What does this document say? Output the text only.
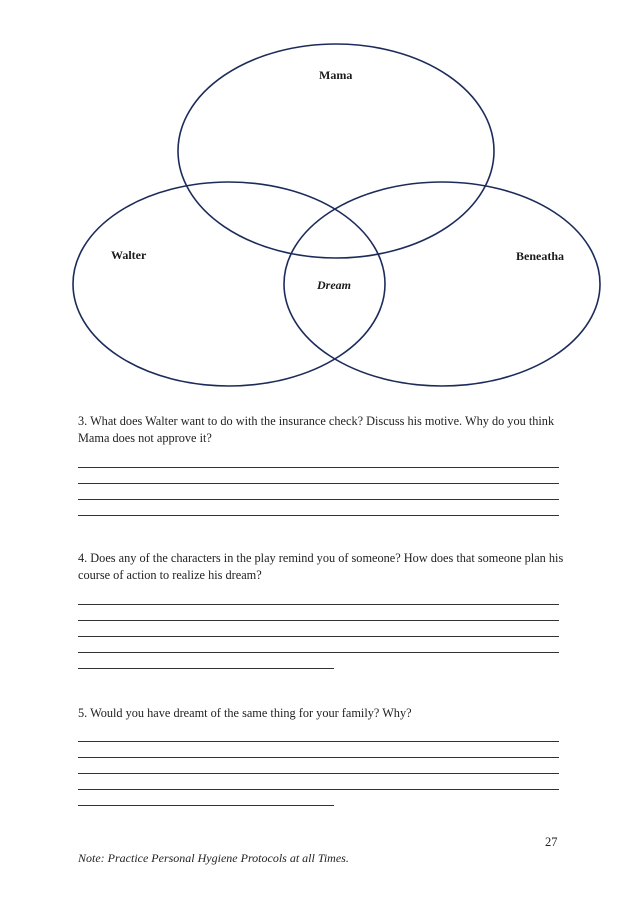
Mama
Walter	Beneatha
Dream

3. What does Walter want to do with the insurance check? Discuss his motive. Why do you think Mama does not approve it?

4. Does any of the characters in the play remind you of someone? How does that someone plan his course of action to realize his dream?

5. Would you have dreamt of the same thing for your family? Why?

27
Note: Practice Personal Hygiene Protocols at all Times.
